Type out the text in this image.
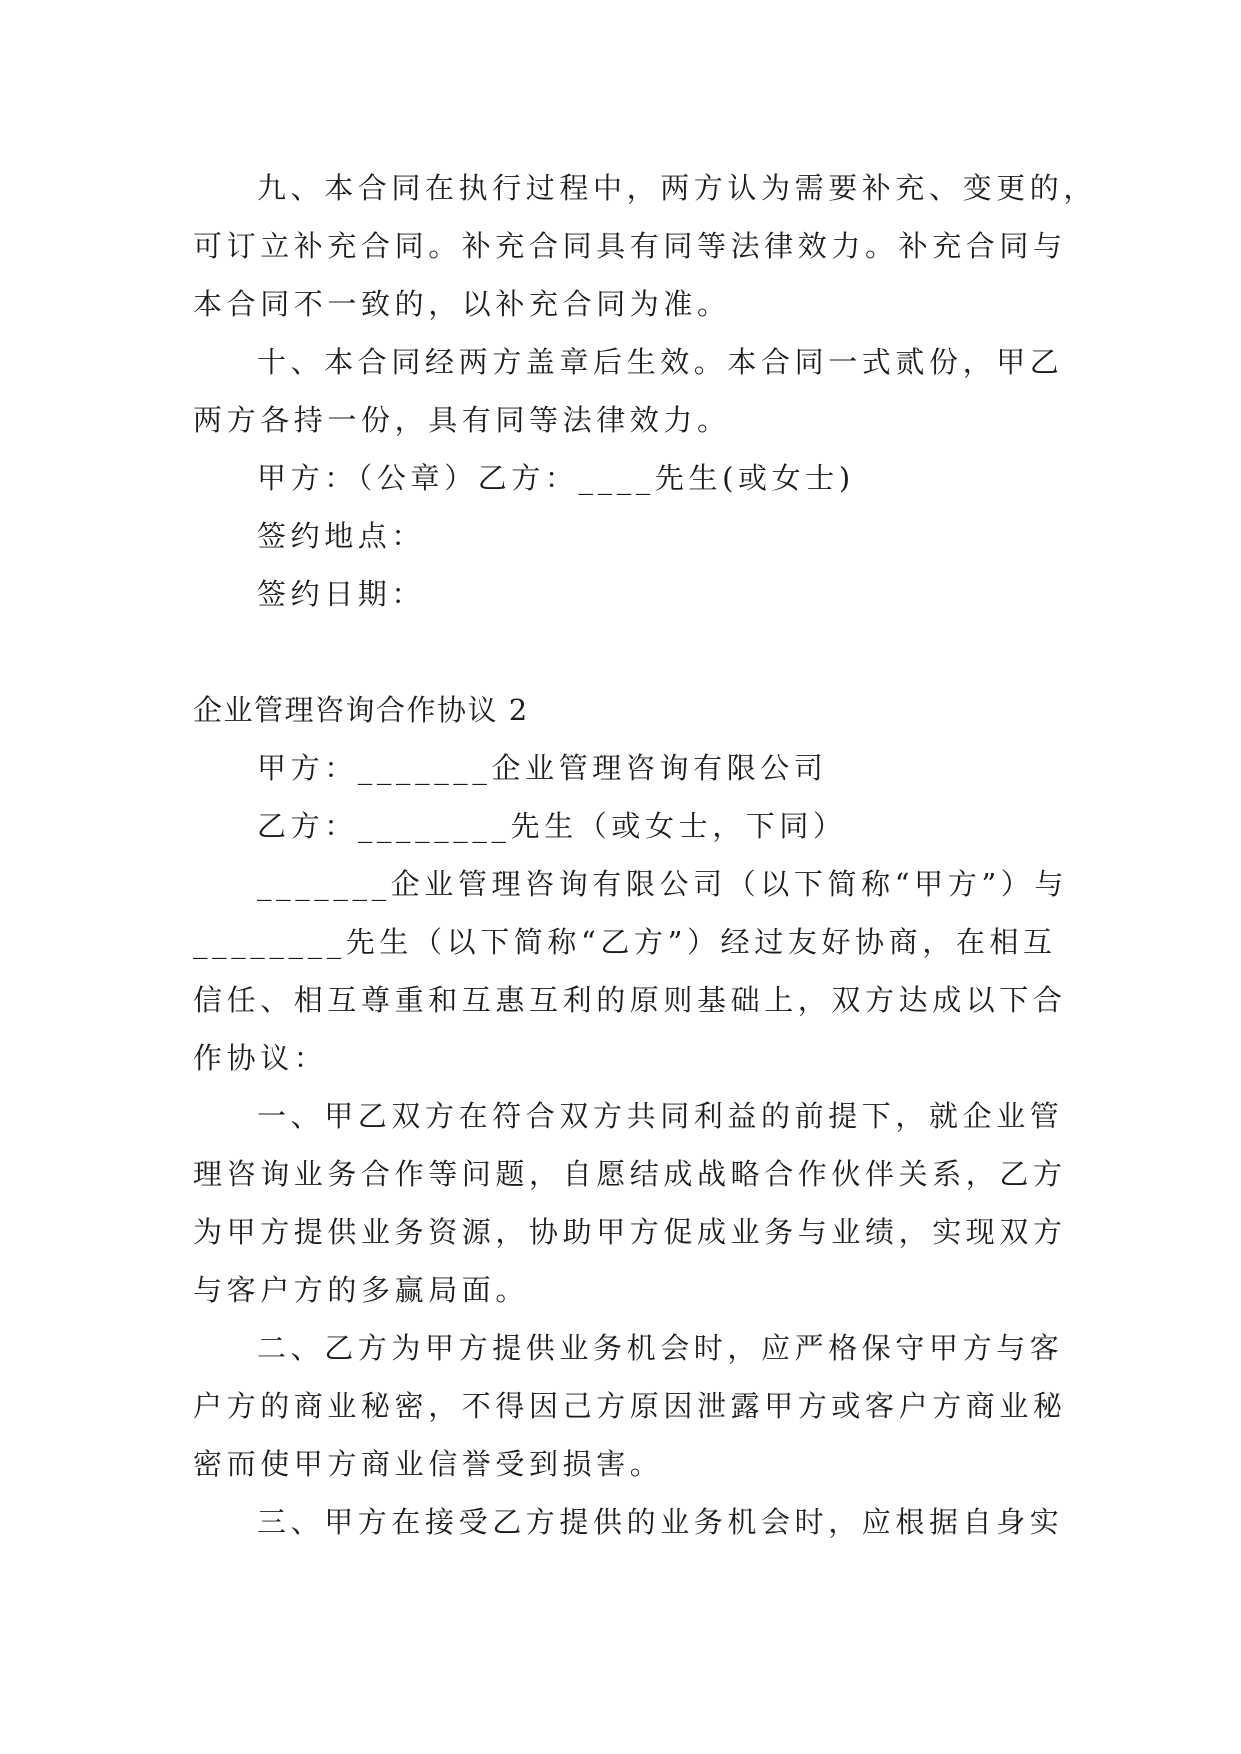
九、本合同在执行过程中，两方认为需要补充、变更的，
可订立补充合同。补充合同具有同等法律效力。补充合同与
本合同不一致的，以补充合同为准。
十、本合同经两方盖章后生效。本合同一式贰份，甲乙
两方各持一份，具有同等法律效力。
甲方：（公章）乙方：____先生(或女士)
签约地点：
签约日期：
企业管理咨询合作协议 2
甲方：_______企业管理咨询有限公司
乙方：________先生（或女士，下同）
_______企业管理咨询有限公司（以下简称“甲方”）与
________先生（以下简称“乙方”）经过友好协商，在相互
信任、相互尊重和互惠互利的原则基础上，双方达成以下合
作协议：
一、甲乙双方在符合双方共同利益的前提下，就企业管
理咨询业务合作等问题，自愿结成战略合作伙伴关系，乙方
为甲方提供业务资源，协助甲方促成业务与业绩，实现双方
与客户方的多赢局面。
二、乙方为甲方提供业务机会时，应严格保守甲方与客
户方的商业秘密，不得因己方原因泄露甲方或客户方商业秘
密而使甲方商业信誉受到损害。
三、甲方在接受乙方提供的业务机会时，应根据自身实
